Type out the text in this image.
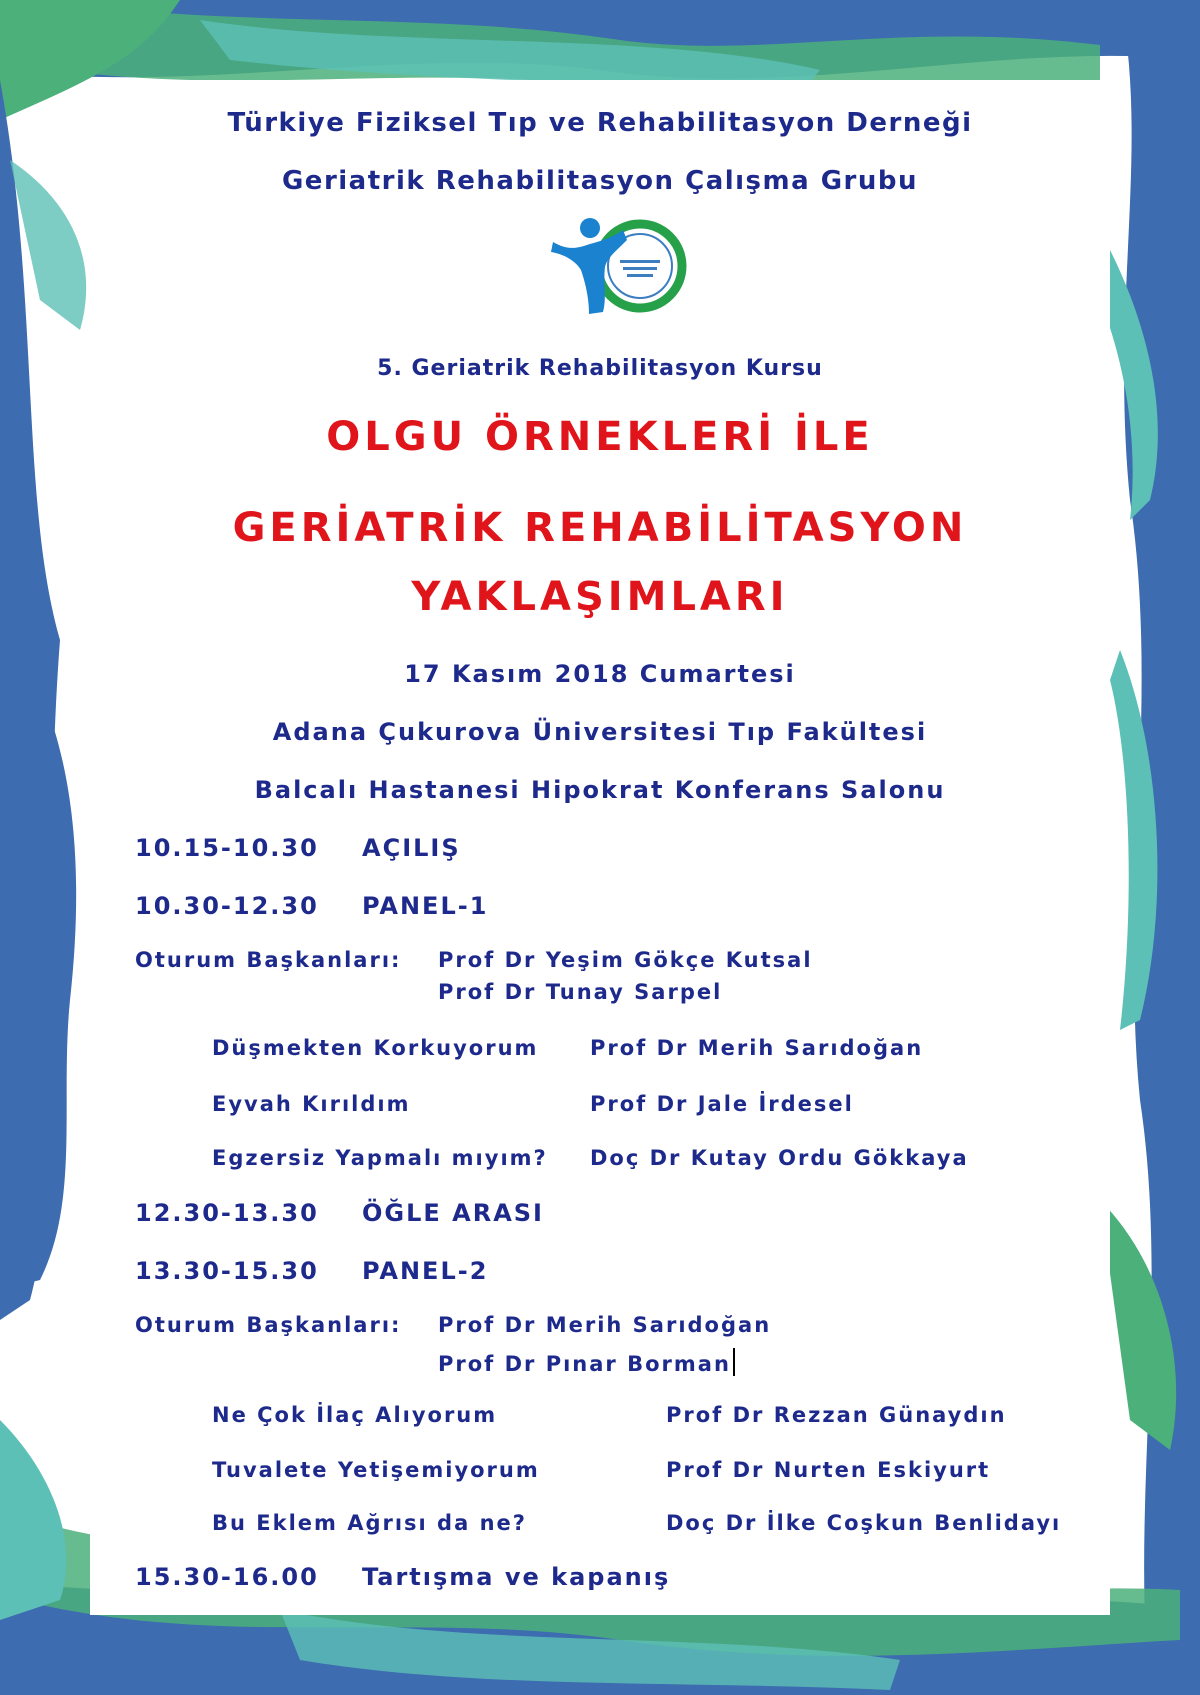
Türkiye Fiziksel Tıp ve Rehabilitasyon Derneği
Geriatrik Rehabilitasyon Çalışma Grubu
5. Geriatrik Rehabilitasyon Kursu
OLGU ÖRNEKLERİ İLE
GERİATRİK REHABİLİTASYON
YAKLAŞIMLARI
17 Kasım 2018 Cumartesi
Adana Çukurova Üniversitesi Tıp Fakültesi
Balcalı Hastanesi Hipokrat Konferans Salonu
10.15-10.30 AÇILIŞ
10.30-12.30 PANEL-1
Oturum Başkanları: Prof Dr Yeşim Gökçe Kutsal
Prof Dr Tunay Sarpel
Düşmekten Korkuyorum Prof Dr Merih Sarıdoğan
Eyvah Kırıldım	Prof Dr Jale İrdesel
Egzersiz Yapmalı mıyım? Doç Dr Kutay Ordu Gökkaya
12.30-13.30 ÖĞLE ARASI
13.30-15.30 PANEL-2
Oturum Başkanları: Prof Dr Merih Sarıdoğan
Prof Dr Pınar Borman
Ne Çok İlaç Alıyorum	Prof Dr Rezzan Günaydın
Tuvalete Yetişemiyorum	Prof Dr Nurten Eskiyurt
Bu Eklem Ağrısı da ne?	Doç Dr İlke Coşkun Benlidayı
15.30-16.00 Tartışma ve kapanış
